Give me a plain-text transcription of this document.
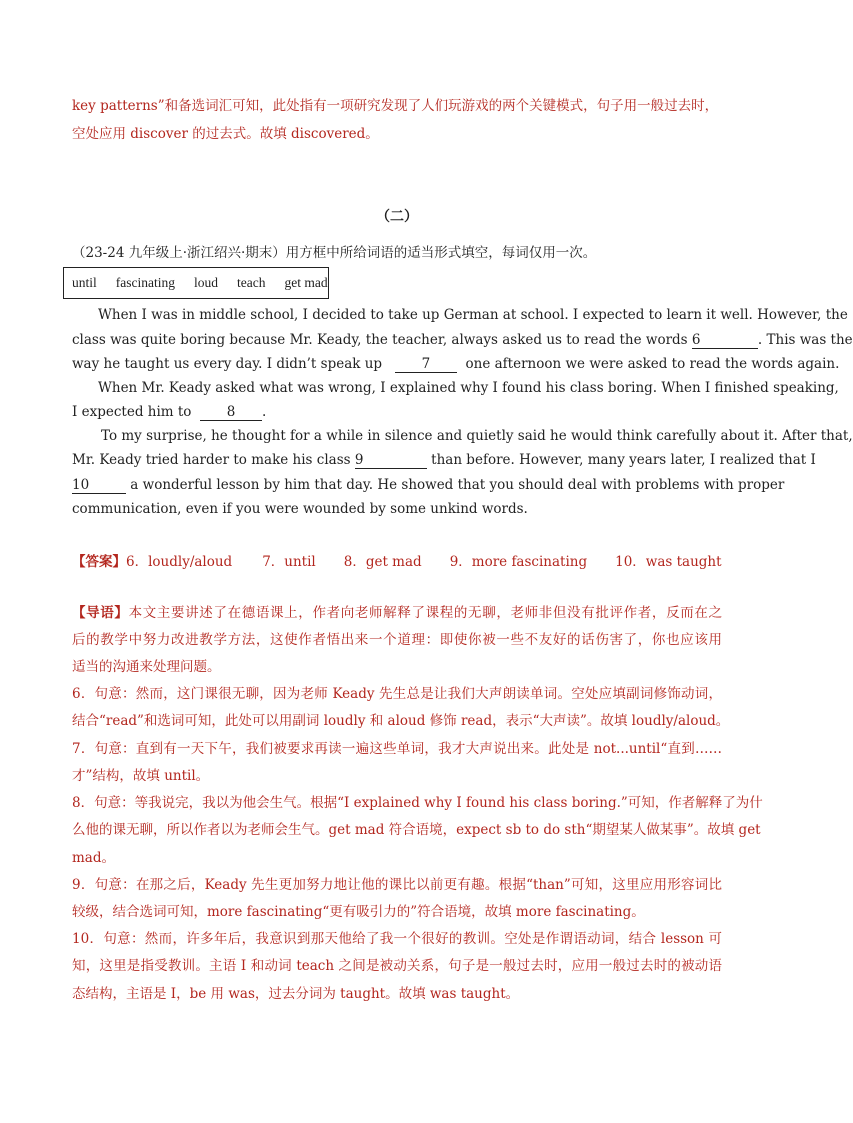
key patterns”和备选词汇可知，此处指有一项研究发现了人们玩游戏的两个关键模式，句子用一般过去时，
空处应用 discover 的过去式。故填 discovered。
（二）
（23-24 九年级上·浙江绍兴·期末）用方框中所给词语的适当形式填空，每词仅用一次。
until fascinating loud teach get mad
When I was in middle school, I decided to take up German at school. I expected to learn it well. However, the
class was quite boring because Mr. Keady, the teacher, always asked us to read the words 6	. This was the
way he taught us every day. I didn’t speak up	7	one afternoon we were asked to read the words again.
When Mr. Keady asked what was wrong, I explained why I found his class boring. When I finished speaking,
I expected him to	8 .
To my surprise, he thought for a while in silence and quietly said he would think carefully about it. After that,
Mr. Keady tried harder to make his class 9	than before. However, many years later, I realized that I
10	a wonderful lesson by him that day. He showed that you should deal with problems with proper
communication, even if you were wounded by some unkind words.
【答案】6．loudly/aloud 7．until 8．get mad 9．more fascinating 10．was taught
【导语】本文主要讲述了在德语课上，作者向老师解释了课程的无聊，老师非但没有批评作者，反而在之
后的教学中努力改进教学方法，这使作者悟出来一个道理：即使你被一些不友好的话伤害了，你也应该用
适当的沟通来处理问题。
6．句意：然而，这门课很无聊，因为老师 Keady 先生总是让我们大声朗读单词。空处应填副词修饰动词，
结合“read”和选词可知，此处可以用副词 loudly 和 aloud 修饰 read，表示“大声读”。故填 loudly/aloud。
7．句意：直到有一天下午，我们被要求再读一遍这些单词，我才大声说出来。此处是 not...until“直到……
才”结构，故填 until。
8．句意：等我说完，我以为他会生气。根据“I explained why I found his class boring.”可知，作者解释了为什
么他的课无聊，所以作者以为老师会生气。get mad 符合语境，expect sb to do sth“期望某人做某事”。故填 get
mad。
9．句意：在那之后，Keady 先生更加努力地让他的课比以前更有趣。根据“than”可知，这里应用形容词比
较级，结合选词可知，more fascinating“更有吸引力的”符合语境，故填 more fascinating。
10．句意：然而，许多年后，我意识到那天他给了我一个很好的教训。空处是作谓语动词，结合 lesson 可
知，这里是指受教训。主语 I 和动词 teach 之间是被动关系，句子是一般过去时，应用一般过去时的被动语
态结构，主语是 I，be 用 was，过去分词为 taught。故填 was taught。
